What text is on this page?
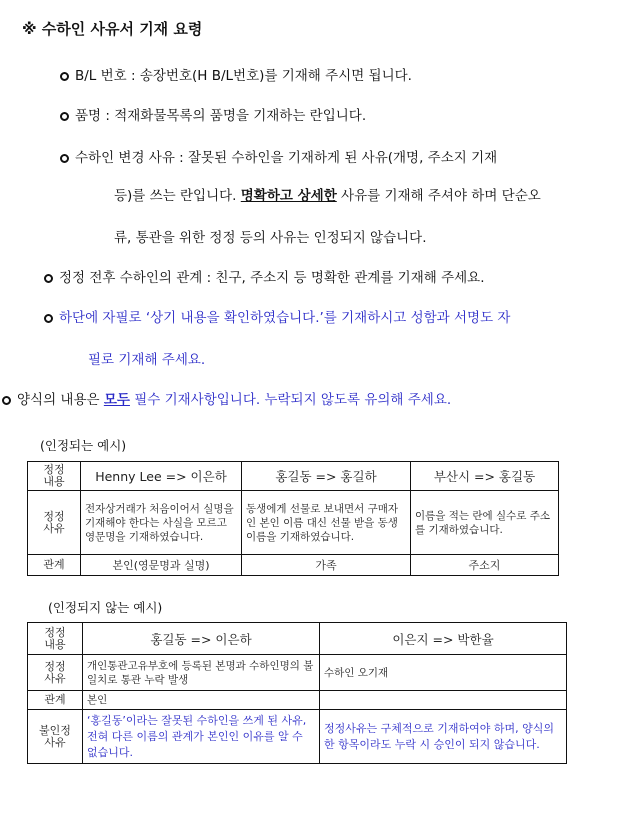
※ 수하인 사유서 기재 요령
B/L 번호 : 송장번호(H B/L번호)를 기재해 주시면 됩니다.
품명 : 적재화물목록의 품명을 기재하는 란입니다.
수하인 변경 사유 : 잘못된 수하인을 기재하게 된 사유(개명, 주소지 기재
등)를 쓰는 란입니다. 명확하고 상세한 사유를 기재해 주셔야 하며 단순오
류, 통관을 위한 정정 등의 사유는 인정되지 않습니다.
정정 전후 수하인의 관계 : 친구, 주소지 등 명확한 관계를 기재해 주세요.
하단에 자필로 ‘상기 내용을 확인하였습니다.’를 기재하시고 성함과 서명도 자
필로 기재해 주세요.
양식의 내용은 모두 필수 기재사항입니다. 누락되지 않도록 유의해 주세요.
(인정되는 예시)
정정
내용	Henny Lee => 이은하	홍길동 => 홍길하	부산시 => 홍길동
정정
사유	전자상거래가 처음이어서 실명을 기재해야 한다는 사실을 모르고 영문명을 기재하였습니다.	동생에게 선물로 보내면서 구매자인 본인 이름 대신 선물 받을 동생 이름을 기재하였습니다.	이름을 적는 란에 실수로 주소를 기재하였습니다.
관계	본인(영문명과 실명)	가족	주소지
(인정되지 않는 예시)
정정
내용	홍길동 => 이은하	이은지 => 박한율
정정
사유	개인통관고유부호에 등록된 본명과 수하인명의 불일치로 통관 누락 발생	수하인 오기재
관계	본인	
불인정
사유	‘홍길동’이라는 잘못된 수하인을 쓰게 된 사유, 전혀 다른 이름의 관계가 본인인 이유를 알 수 없습니다.	정정사유는 구체적으로 기재하여야 하며, 양식의 한 항목이라도 누락 시 승인이 되지 않습니다.
